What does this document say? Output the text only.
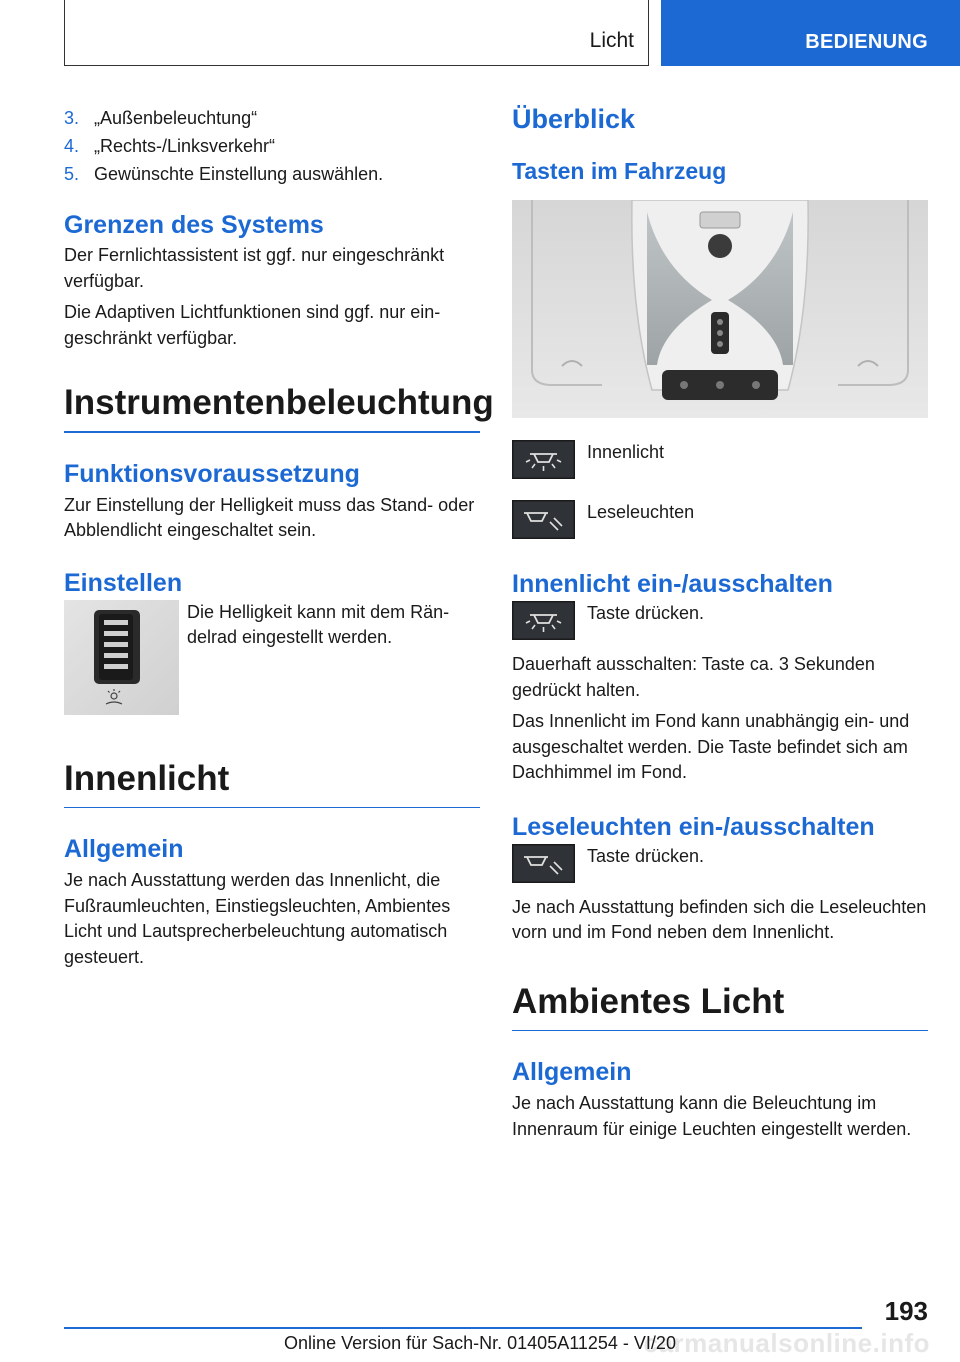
Licht	BEDIENUNG
3. „Außenbeleuchtung“
4. „Rechts-/Linksverkehr“
5. Gewünschte Einstellung auswählen.
Grenzen des Systems

Der Fernlichtassistent ist ggf. nur eingeschränkt verfügbar.

Die Adaptiven Lichtfunktionen sind ggf. nur eingeschränkt verfügbar.

Instrumentenbeleuchtung
Funktionsvoraussetzung

Zur Einstellung der Helligkeit muss das Stand- oder Abblendlicht eingeschaltet sein.

Einstellen

Die Helligkeit kann mit dem Rändelrad eingestellt werden.

Innenlicht
Allgemein

Je nach Ausstattung werden das Innenlicht, die Fußraumleuchten, Einstiegsleuchten, Ambientes Licht und Lautsprecherbeleuchtung automatisch gesteuert.

Überblick
Tasten im Fahrzeug
Innenlicht
Leseleuchten
Innenlicht ein-/ausschalten
Taste drücken.

Dauerhaft ausschalten: Taste ca. 3 Sekunden gedrückt halten.

Das Innenlicht im Fond kann unabhängig ein- und ausgeschaltet werden. Die Taste befindet sich am Dachhimmel im Fond.

Leseleuchten ein-/ausschalten
Taste drücken.

Je nach Ausstattung befinden sich die Leseleuchten vorn und im Fond neben dem Innenlicht.

Ambientes Licht
Allgemein

Je nach Ausstattung kann die Beleuchtung im Innenraum für einige Leuchten eingestellt werden.

193
carmanualsonline.info
Online Version für Sach-Nr. 01405A11254 - VI/20
